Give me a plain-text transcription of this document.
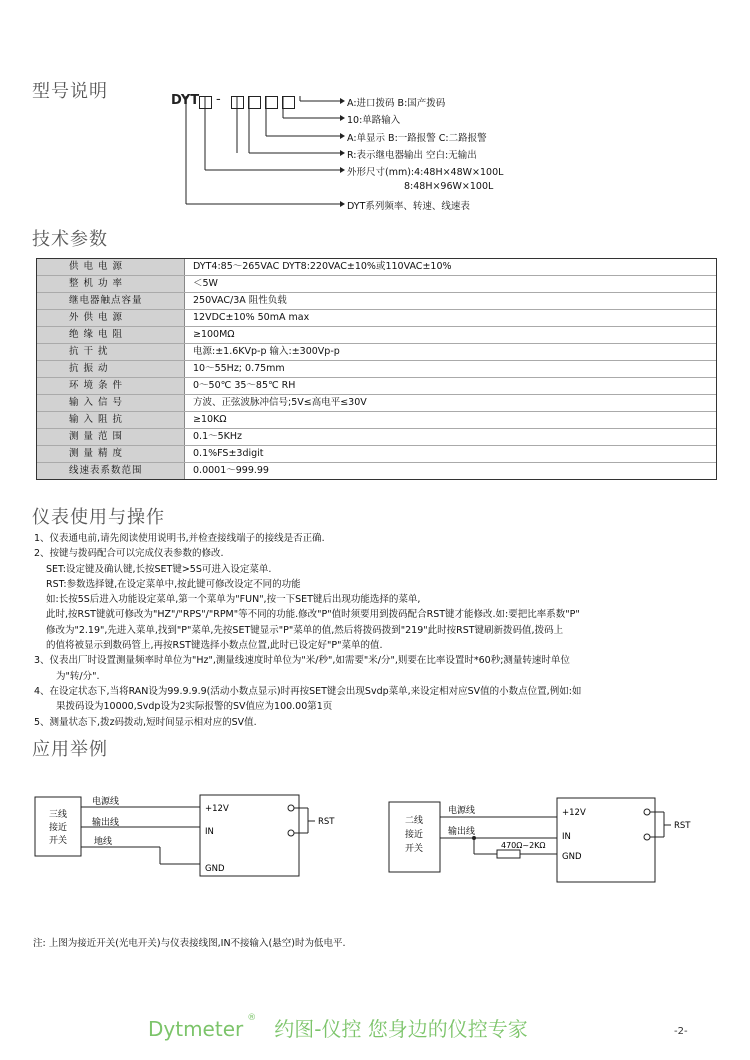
型号说明
技术参数
仪表使用与操作
应用举例
DYT -	A:进口拨码 B:国产拨码
10:单路输入
A:单显示 B:一路报警 C:二路报警
R:表示继电器输出 空白:无输出
外形尺寸(mm):4:48H×48W×100L
8:48H×96W×100L
DYT系列频率、转速、线速表
供 电 电 源	DYT4:85～265VAC DYT8:220VAC±10%或110VAC±10%
整 机 功 率	＜5W
继电器触点容量	250VAC/3A 阻性负载
外 供 电 源	12VDC±10% 50mA max
绝 缘 电 阻	≥100MΩ
抗 干 扰	电源:±1.6KVp-p 输入:±300Vp-p
抗 振 动	10～55Hz; 0.75mm
环 境 条 件	0～50℃ 35～85℃ RH
输 入 信 号	方波、正弦波脉冲信号;5V≤高电平≤30V
输 入 阻 抗	≥10KΩ
测 量 范 围	0.1～5KHz
测 量 精 度	0.1%FS±3digit
线速表系数范围	0.0001～999.99
1、仪表通电前,请先阅读使用说明书,并检查接线端子的接线是否正确.
2、按键与拨码配合可以完成仪表参数的修改.
SET:设定键及确认键,长按SET键>5S可进入设定菜单.
RST:参数选择键,在设定菜单中,按此键可修改设定不同的功能
如:长按5S后进入功能设定菜单,第一个菜单为"FUN",按一下SET键后出现功能选择的菜单,
此时,按RST键就可修改为"HZ"/"RPS"/"RPM"等不同的功能.修改"P"值时须要用到拨码配合RST键才能修改.如:要把比率系数"P"
修改为"2.19",先进入菜单,找到"P"菜单,先按SET键显示"P"菜单的值,然后将拨码拨到"219"此时按RST键刷新拨码值,拨码上
的值将被显示到数码管上,再按RST键选择小数点位置,此时已设定好"P"菜单的值.
3、仪表出厂时设置测量频率时单位为"Hz",测量线速度时单位为"米/秒",如需要"米/分",则要在比率设置时*60秒;测量转速时单位
为"转/分".
4、在设定状态下,当将RAN设为99.9.9.9(活动小数点显示)时再按SET键会出现Svdp菜单,来设定相对应SV值的小数点位置,例如:如
果拨码设为10000,Svdp设为2实际报警的SV值应为100.00第1页
5、测量状态下,拨z码拨动,短时间显示相对应的SV值.
三线
接近
开关
电源线
输出线
地线
+12V
IN
GND
RST	二线
接近
开关
电源线
输出线
470Ω~2KΩ
+12V
IN
GND
RST
注: 上图为接近开关(光电开关)与仪表接线图,IN不接输入(悬空)时为低电平.
Dytmeter ® 约图-仪控 您身边的仪控专家	-2-
